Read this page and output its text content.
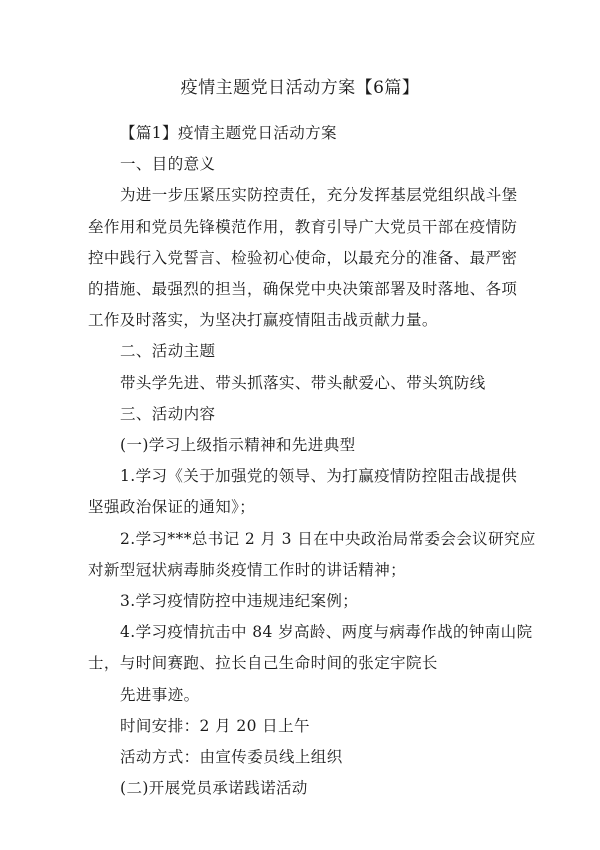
疫情主题党日活动方案【6篇】
【篇1】疫情主题党日活动方案
一、目的意义
为进一步压紧压实防控责任，充分发挥基层党组织战斗堡
垒作用和党员先锋模范作用，教育引导广大党员干部在疫情防
控中践行入党誓言、检验初心使命，以最充分的准备、最严密
的措施、最强烈的担当，确保党中央决策部署及时落地、各项
工作及时落实，为坚决打赢疫情阻击战贡献力量。
二、活动主题
带头学先进、带头抓落实、带头献爱心、带头筑防线
三、活动内容
(一)学习上级指示精神和先进典型
1.学习《关于加强党的领导、为打赢疫情防控阻击战提供
坚强政治保证的通知》；
2.学习***总书记 2 月 3 日在中央政治局常委会会议研究应
对新型冠状病毒肺炎疫情工作时的讲话精神；
3.学习疫情防控中违规违纪案例；
4.学习疫情抗击中 84 岁高龄、两度与病毒作战的钟南山院
士，与时间赛跑、拉长自己生命时间的张定宇院长
先进事迹。
时间安排：2 月 20 日上午
活动方式：由宣传委员线上组织
(二)开展党员承诺践诺活动
